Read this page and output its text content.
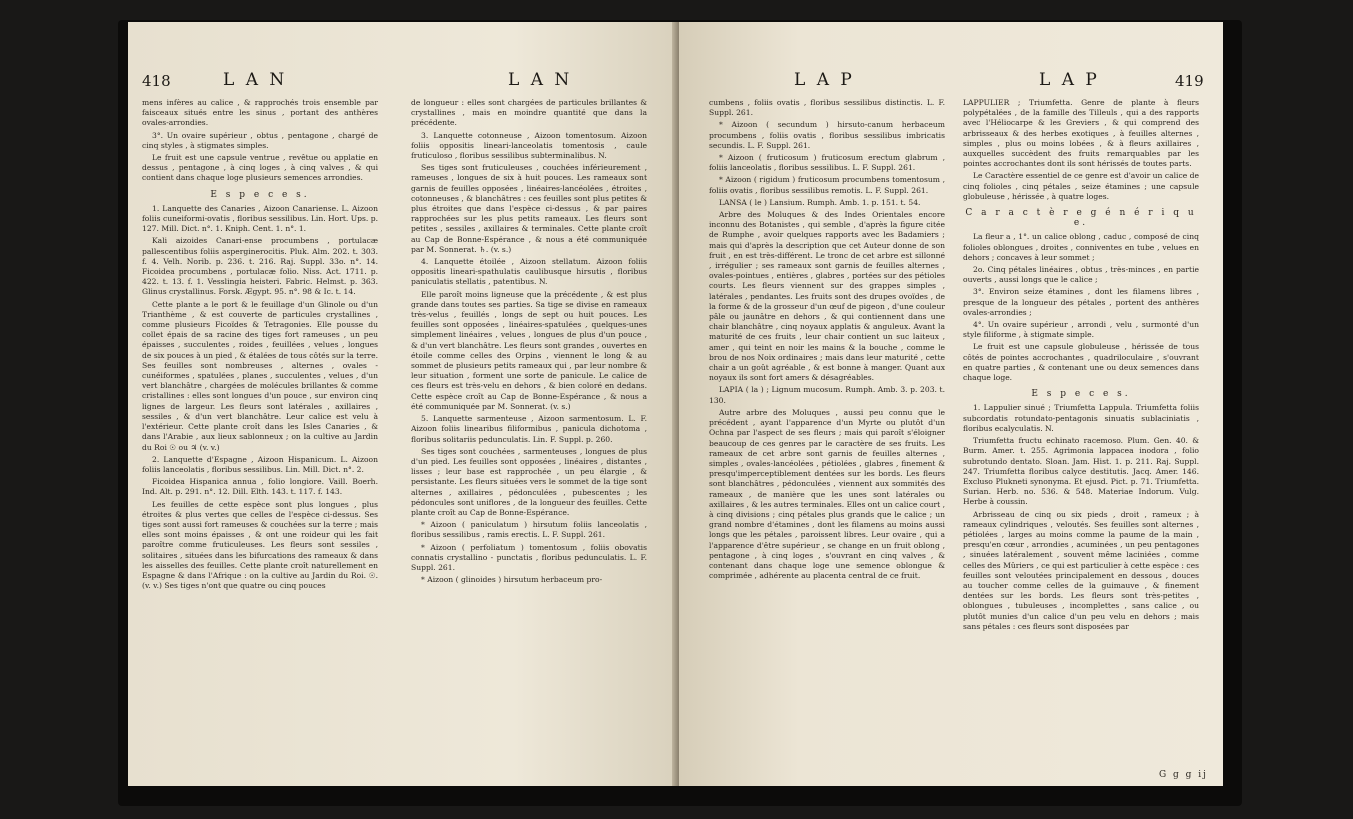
418	L A N	L A N

mens infères au calice , & rapprochés trois ensemble par faisceaux situés entre les sinus , portant des anthères ovales-arrondies.

3°. Un ovaire supérieur , obtus , pentagone , chargé de cinq styles , à stigmates simples.

Le fruit est une capsule ventrue , revêtue ou applatie en dessus , pentagone , à cinq loges , à cinq valves , & qui contient dans chaque loge plusieurs semences arrondies.

E s p e c e s.

1. Lanquette des Canaries , Aizoon Canariense. L. Aizoon foliis cuneiformi-ovatis , floribus sessilibus. Lin. Hort. Ups. p. 127. Mill. Dict. n°. 1. Kniph. Cent. 1. n°. 1.

Kali aizoides Canari-ense procumbens , portulacæ pallescentibus foliis asperginerocitis. Pluk. Alm. 202. t. 303. f. 4. Velh. Norib. p. 236. t. 216. Raj. Suppl. 33o. n°. 14. Ficoidea procumbens , portulacæ folio. Niss. Act. 1711. p. 422. t. 13. f. 1. Vesslingia heisteri. Fabric. Helmst. p. 363. Glinus crystallinus. Forsk. Ægypt. 95. n°. 98 & Ic. t. 14.

Cette plante a le port & le feuillage d'un Glinole ou d'un Trianthème , & est couverte de particules crystallines , comme plusieurs Ficoïdes & Tetragonies. Elle pousse du collet épais de sa racine des tiges fort rameuses , un peu épaisses , succulentes , roides , feuillées , velues , longues de six pouces à un pied , & étalées de tous côtés sur la terre. Ses feuilles sont nombreuses , alternes , ovales - cunéiformes , spatulées , planes , succulentes , velues , d'un vert blanchâtre , chargées de molécules brillantes & comme cristallines : elles sont longues d'un pouce , sur environ cinq lignes de largeur. Les fleurs sont latérales , axillaires , sessiles , & d'un vert blanchâtre. Leur calice est velu à l'extérieur. Cette plante croît dans les Isles Canaries , & dans l'Arabie , aux lieux sablonneux ; on la cultive au Jardin du Roi ☉ ou ♃ (v. v.)

2. Lanquette d'Espagne , Aizoon Hispanicum. L. Aizoon foliis lanceolatis , floribus sessilibus. Lin. Mill. Dict. n°. 2.

Ficoidea Hispanica annua , folio longiore. Vaill. Boerh. Ind. Alt. p. 291. n°. 12. Dill. Elth. 143. t. 117. f. 143.

Les feuilles de cette espèce sont plus longues , plus étroites & plus vertes que celles de l'espèce ci-dessus. Ses tiges sont aussi fort rameuses & couchées sur la terre ; mais elles sont moins épaisses , & ont une roideur qui les fait paroître comme fruticuleuses. Les fleurs sont sessiles , solitaires , situées dans les bifurcations des rameaux & dans les aisselles des feuilles. Cette plante croît naturellement en Espagne & dans l'Afrique : on la cultive au Jardin du Roi. ☉. (v. v.) Ses tiges n'ont que quatre ou cinq pouces

de longueur : elles sont chargées de particules brillantes & crystallines , mais en moindre quantité que dans la précédente.

3. Lanquette cotonneuse , Aizoon tomentosum. Aizoon foliis oppositis lineari-lanceolatis tomentosis , caule fruticuloso , floribus sessilibus subterminalibus. N.

Ses tiges sont fruticuleuses , couchées inférieurement , rameuses , longues de six à huit pouces. Les rameaux sont garnis de feuilles opposées , linéaires-lancéolées , étroites , cotonneuses , & blanchâtres : ces feuilles sont plus petites & plus étroites que dans l'espèce ci-dessus , & par paires rapprochées sur les plus petits rameaux. Les fleurs sont petites , sessiles , axillaires & terminales. Cette plante croît au Cap de Bonne-Espérance , & nous a été communiquée par M. Sonnerat. ♄. (v. s.)

4. Lanquette étoilée , Aizoon stellatum. Aizoon foliis oppositis lineari-spathulatis caulibusque hirsutis , floribus paniculatis stellatis , patentibus. N.

Elle paroît moins ligneuse que la précédente , & est plus grande dans toutes ses parties. Sa tige se divise en rameaux très-velus , feuillés , longs de sept ou huit pouces. Les feuilles sont opposées , linéaires-spatulées , quelques-unes simplement linéaires , velues , longues de plus d'un pouce , & d'un vert blanchâtre. Les fleurs sont grandes , ouvertes en étoile comme celles des Orpins , viennent le long & au sommet de plusieurs petits rameaux qui , par leur nombre & leur situation , forment une sorte de panicule. Le calice de ces fleurs est très-velu en dehors , & bien coloré en dedans. Cette espèce croît au Cap de Bonne-Espérance , & nous a été communiquée par M. Sonnerat. (v. s.)

5. Lanquette sarmenteuse , Aizoon sarmentosum. L. F. Aizoon foliis linearibus filiformibus , panicula dichotoma , floribus solitariis pedunculatis. Lin. F. Suppl. p. 260.

Ses tiges sont couchées , sarmenteuses , longues de plus d'un pied. Les feuilles sont opposées , linéaires , distantes , lisses ; leur base est rapprochée , un peu élargie , & persistante. Les fleurs situées vers le sommet de la tige sont alternes , axillaires , pédonculées , pubescentes ; les pédoncules sont uniflores , de la longueur des feuilles. Cette plante croît au Cap de Bonne-Espérance.

* Aizoon ( paniculatum ) hirsutum foliis lanceolatis , floribus sessilibus , ramis erectis. L. F. Suppl. 261.

* Aizoon ( perfoliatum ) tomentosum , foliis obovatis connatis crystallino - punctatis , floribus pedunculatis. L. F. Suppl. 261.

* Aizoon ( glinoides ) hirsutum herbaceum pro-

L A P	L A P	419

cumbens , foliis ovatis , floribus sessilibus distinctis. L. F. Suppl. 261.

* Aizoon ( secundum ) hirsuto-canum herbaceum procumbens , foliis ovatis , floribus sessilibus imbricatis secundis. L. F. Suppl. 261.

* Aizoon ( fruticosum ) fruticosum erectum glabrum , foliis lanceolatis , floribus sessilibus. L. F. Suppl. 261.

* Aizoon ( rigidum ) fruticosum procumbens tomentosum , foliis ovatis , floribus sessilibus remotis. L. F. Suppl. 261.

LANSA ( le ) Lansium. Rumph. Amb. 1. p. 151. t. 54.

Arbre des Moluques & des Indes Orientales encore inconnu des Botanistes , qui semble , d'après la figure citée de Rumphe , avoir quelques rapports avec les Badamiers ; mais qui d'après la description que cet Auteur donne de son fruit , en est très-différent. Le tronc de cet arbre est sillonné , irrégulier ; ses rameaux sont garnis de feuilles alternes , ovales-pointues , entières , glabres , portées sur des pétioles courts. Les fleurs viennent sur des grappes simples , latérales , pendantes. Les fruits sont des drupes ovoïdes , de la forme & de la grosseur d'un œuf de pigeon , d'une couleur pâle ou jaunâtre en dehors , & qui contiennent dans une chair blanchâtre , cinq noyaux applatis & anguleux. Avant la maturité de ces fruits , leur chair contient un suc laiteux , amer , qui teint en noir les mains & la bouche , comme le brou de nos Noix ordinaires ; mais dans leur maturité , cette chair a un goût agréable , & est bonne à manger. Quant aux noyaux ils sont fort amers & désagréables.

LAPIA ( la ) ; Lignum mucosum. Rumph. Amb. 3. p. 203. t. 130.

Autre arbre des Moluques , aussi peu connu que le précédent , ayant l'apparence d'un Myrte ou plutôt d'un Ochna par l'aspect de ses fleurs ; mais qui paroît s'éloigner beaucoup de ces genres par le caractère de ses fruits. Les rameaux de cet arbre sont garnis de feuilles alternes , simples , ovales-lancéolées , pétiolées , glabres , finement & presqu'imperceptiblement dentées sur les bords. Les fleurs sont blanchâtres , pédonculées , viennent aux sommités des rameaux , de manière que les unes sont latérales ou axillaires , & les autres terminales. Elles ont un calice court , à cinq divisions ; cinq pétales plus grands que le calice ; un grand nombre d'étamines , dont les filamens au moins aussi longs que les pétales , paroissent libres. Leur ovaire , qui a l'apparence d'être supérieur , se change en un fruit oblong , pentagone , à cinq loges , s'ouvrant en cinq valves , & contenant dans chaque loge une semence oblongue & comprimée , adhérente au placenta central de ce fruit.

LAPPULIER ; Triumfetta. Genre de plante à fleurs polypétalées , de la famille des Tilleuls , qui a des rapports avec l'Héliocarpe & les Greviers , & qui comprend des arbrisseaux & des herbes exotiques , à feuilles alternes , simples , plus ou moins lobées , & à fleurs axillaires , auxquelles succèdent des fruits remarquables par les pointes accrochantes dont ils sont hérissés de toutes parts.

Le Caractère essentiel de ce genre est d'avoir un calice de cinq folioles , cinq pétales , seize étamines ; une capsule globuleuse , hérissée , à quatre loges.

C a r a c t è r e g é n é r i q u e.

La fleur a , 1°. un calice oblong , caduc , composé de cinq folioles oblongues , droites , conniventes en tube , velues en dehors ; concaves à leur sommet ;

2o. Cinq pétales linéaires , obtus , très-minces , en partie ouverts , aussi longs que le calice ;

3°. Environ seize étamines , dont les filamens libres , presque de la longueur des pétales , portent des anthères ovales-arrondies ;

4°. Un ovaire supérieur , arrondi , velu , surmonté d'un style filiforme , à stigmate simple.

Le fruit est une capsule globuleuse , hérissée de tous côtés de pointes accrochantes , quadriloculaire , s'ouvrant en quatre parties , & contenant une ou deux semences dans chaque loge.

E s p e c e s.

1. Lappulier sinué ; Triumfetta Lappula. Triumfetta foliis subcordatis rotundato-pentagonis sinuatis sublaciniatis , floribus ecalyculatis. N.

Triumfetta fructu echinato racemoso. Plum. Gen. 40. & Burm. Amer. t. 255. Agrimonia lappacea inodora , folio subrotundo dentato. Sloan. Jam. Hist. 1. p. 211. Raj. Suppl. 247. Triumfetta floribus calyce destitutis. Jacq. Amer. 146. Excluso Plukneti synonyma. Et ejusd. Pict. p. 71. Triumfetta. Surian. Herb. no. 536. & 548. Materiae Indorum. Vulg. Herbe à coussin.

Arbrisseau de cinq ou six pieds , droit , rameux ; à rameaux cylindriques , veloutés. Ses feuilles sont alternes , pétiolées , larges au moins comme la paume de la main , presqu'en cœur , arrondies , acuminées , un peu pentagones , sinuées latéralement , souvent même laciniées , comme celles des Mûriers , ce qui est particulier à cette espèce : ces feuilles sont veloutées principalement en dessous , douces au toucher comme celles de la guimauve , & finement dentées sur les bords. Les fleurs sont très-petites , oblongues , tubuleuses , incomplettes , sans calice , ou plutôt munies d'un calice d'un peu velu en dehors ; mais sans pétales : ces fleurs sont disposées par

G g g ij
